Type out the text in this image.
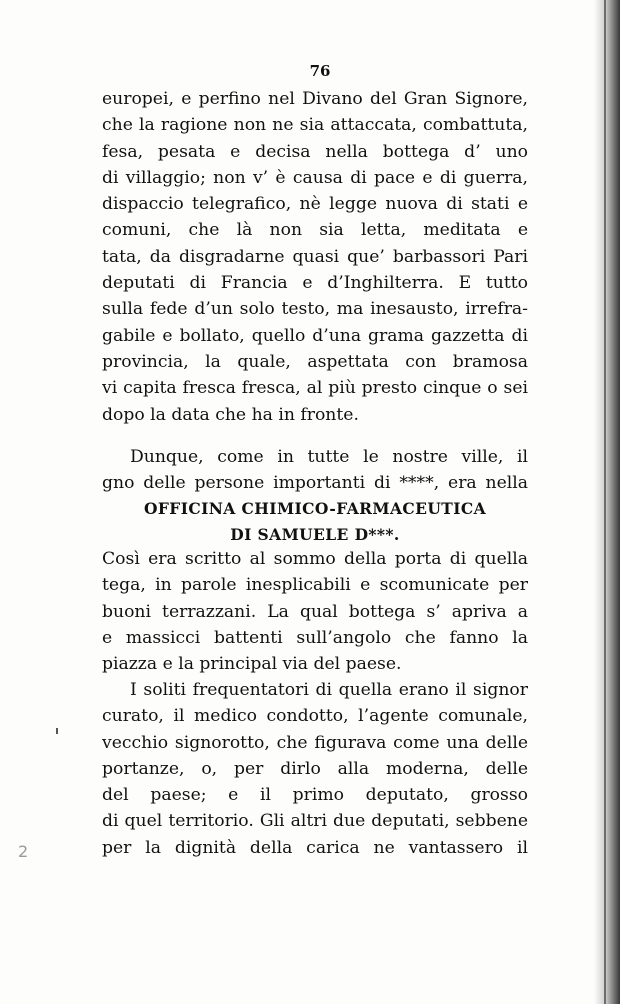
76
europei, e perfino nel Divano del Gran Signore,
che la ragione non ne sia attaccata, combattuta,
fesa, pesata e decisa nella bottega d’ uno
di villaggio; non v’ è causa di pace e di guerra,
dispaccio telegrafico, nè legge nuova di stati e
comuni, che là non sia letta, meditata e
tata, da disgradarne quasi que’ barbassori Pari
deputati di Francia e d’Inghilterra. E tutto
sulla fede d’un solo testo, ma inesausto, irrefra-
gabile e bollato, quello d’una grama gazzetta di
provincia, la quale, aspettata con bramosa
vi capita fresca fresca, al più presto cinque o sei
dopo la data che ha in fronte.
Dunque, come in tutte le nostre ville, il
gno delle persone importanti di ****, era nella
OFFICINA CHIMICO-FARMACEUTICA
DI SAMUELE D***.
Così era scritto al sommo della porta di quella
tega, in parole inesplicabili e scomunicate per
buoni terrazzani. La qual bottega s’ apriva a
e massicci battenti sull’angolo che fanno la
piazza e la principal via del paese.
I soliti frequentatori di quella erano il signor
curato, il medico condotto, l’agente comunale,
vecchio signorotto, che figurava come una delle
portanze, o, per dirlo alla moderna, delle
del paese; e il primo deputato, grosso
di quel territorio. Gli altri due deputati, sebbene
per la dignità della carica ne vantassero il
2
